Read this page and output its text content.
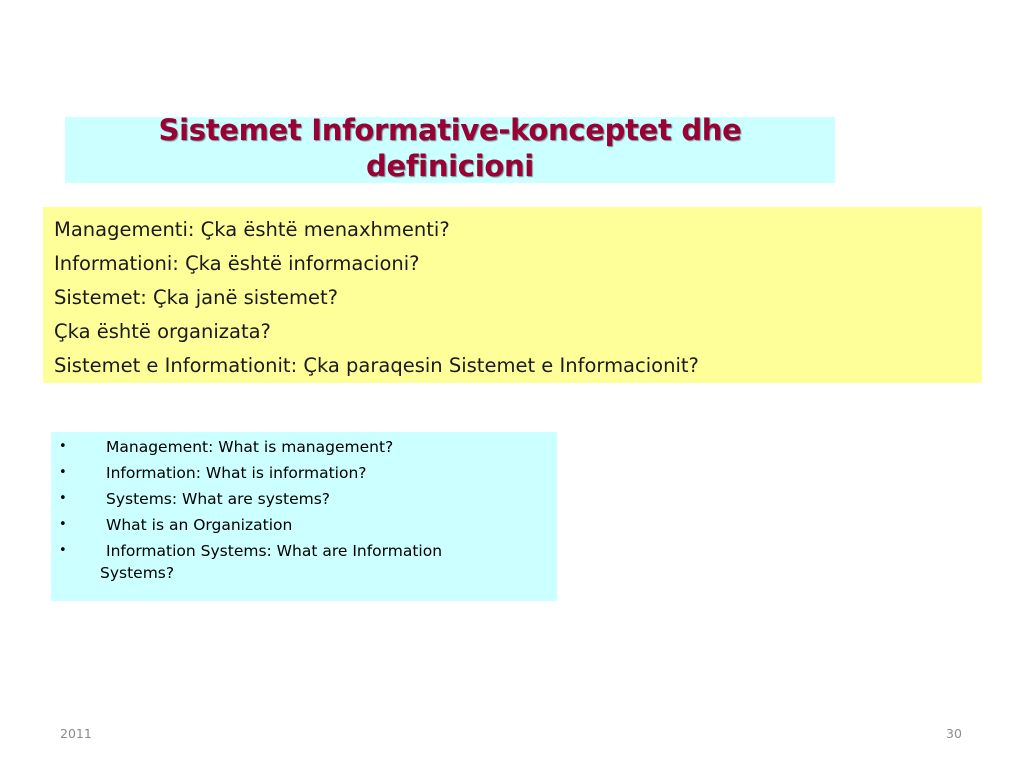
Sistemet Informative-konceptet dhe
definicioni
Managementi: Çka është menaxhmenti?
Informationi: Çka është informacioni?
Sistemet: Çka janë sistemet?
Çka është organizata?
Sistemet e Informationit: Çka paraqesin Sistemet e Informacionit?
•	Management: What is management?
•	Information: What is information?
•	Systems: What are systems?
•	What is an Organization
•	Information Systems: What are Information
Systems?
2011	30
